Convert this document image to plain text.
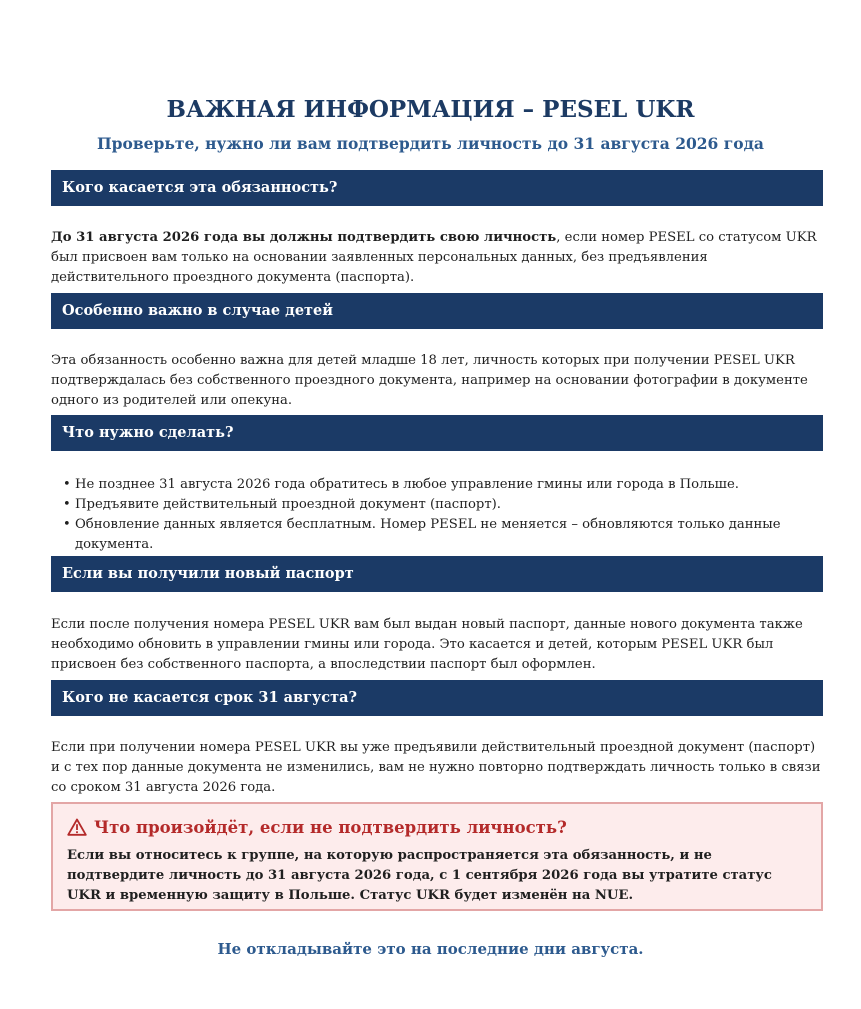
ВАЖНАЯ ИНФОРМАЦИЯ – PESEL UKR

Проверьте, нужно ли вам подтвердить личность до 31 августа 2026 года

Кого касается эта обязанность?

До 31 августа 2026 года вы должны подтвердить свою личность, если номер PESEL со статусом UKR был присвоен вам только на основании заявленных персональных данных, без предъявления действительного проездного документа (паспорта).

Особенно важно в случае детей

Эта обязанность особенно важна для детей младше 18 лет, личность которых при получении PESEL UKR подтверждалась без собственного проездного документа, например на основании фотографии в документе одного из родителей или опекуна.

Что нужно сделать?
• Не позднее 31 августа 2026 года обратитесь в любое управление гмины или города в Польше.
• Предъявите действительный проездной документ (паспорт).
• Обновление данных является бесплатным. Номер PESEL не меняется – обновляются только данные документа.
Если вы получили новый паспорт

Если после получения номера PESEL UKR вам был выдан новый паспорт, данные нового документа также необходимо обновить в управлении гмины или города. Это касается и детей, которым PESEL UKR был присвоен без собственного паспорта, а впоследствии паспорт был оформлен.

Кого не касается срок 31 августа?

Если при получении номера PESEL UKR вы уже предъявили действительный проездной документ (паспорт) и с тех пор данные документа не изменились, вам не нужно повторно подтверждать личность только в связи со сроком 31 августа 2026 года.

Что произойдёт, если не подтвердить личность?

Если вы относитесь к группе, на которую распространяется эта обязанность, и не подтвердите личность до 31 августа 2026 года, с 1 сентября 2026 года вы утратите статус UKR и временную защиту в Польше. Статус UKR будет изменён на NUE.

Не откладывайте это на последние дни августа.
